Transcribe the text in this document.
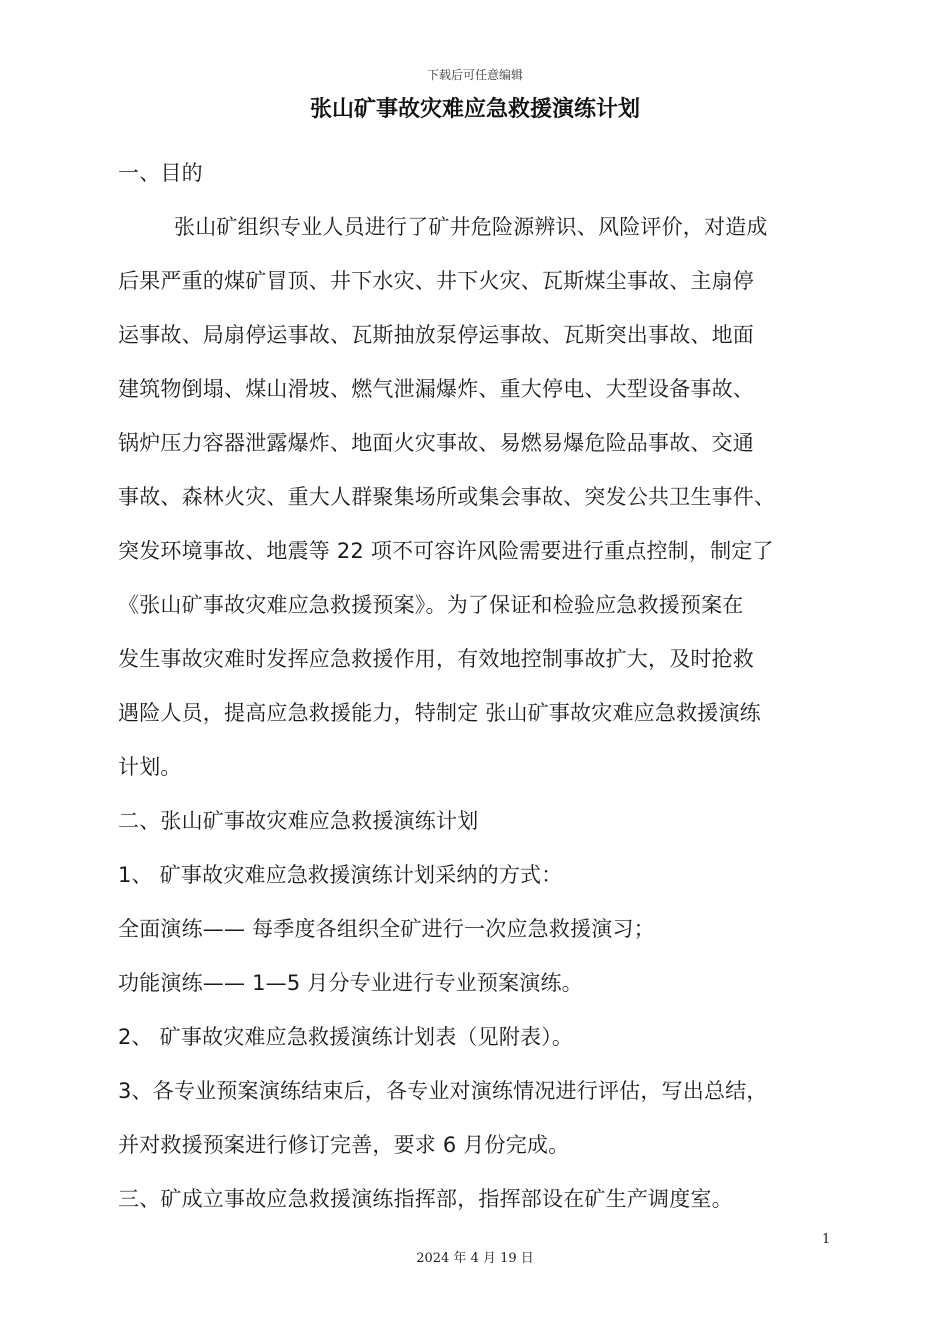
下载后可任意编辑
张山矿事故灾难应急救援演练计划
一、目的
张山矿组织专业人员进行了矿井危险源辨识、风险评价，对造成
后果严重的煤矿冒顶、井下水灾、井下火灾、瓦斯煤尘事故、主扇停
运事故、局扇停运事故、瓦斯抽放泵停运事故、瓦斯突出事故、地面
建筑物倒塌、煤山滑坡、燃气泄漏爆炸、重大停电、大型设备事故、
锅炉压力容器泄露爆炸、地面火灾事故、易燃易爆危险品事故、交通
事故、森林火灾、重大人群聚集场所或集会事故、突发公共卫生事件、
突发环境事故、地震等 22 项不可容许风险需要进行重点控制，制定了
《张山矿事故灾难应急救援预案》。为了保证和检验应急救援预案在
发生事故灾难时发挥应急救援作用，有效地控制事故扩大，及时抢救
遇险人员，提高应急救援能力，特制定 张山矿事故灾难应急救援演练
计划。
二、张山矿事故灾难应急救援演练计划
1、 矿事故灾难应急救援演练计划采纳的方式：
全面演练—— 每季度各组织全矿进行一次应急救援演习；
功能演练—— 1—5 月分专业进行专业预案演练。
2、 矿事故灾难应急救援演练计划表（见附表）。
3、各专业预案演练结束后，各专业对演练情况进行评估，写出总结，
并对救援预案进行修订完善，要求 6 月份完成。
三、矿成立事故应急救援演练指挥部，指挥部设在矿生产调度室。
1
2024 年 4 月 19 日
